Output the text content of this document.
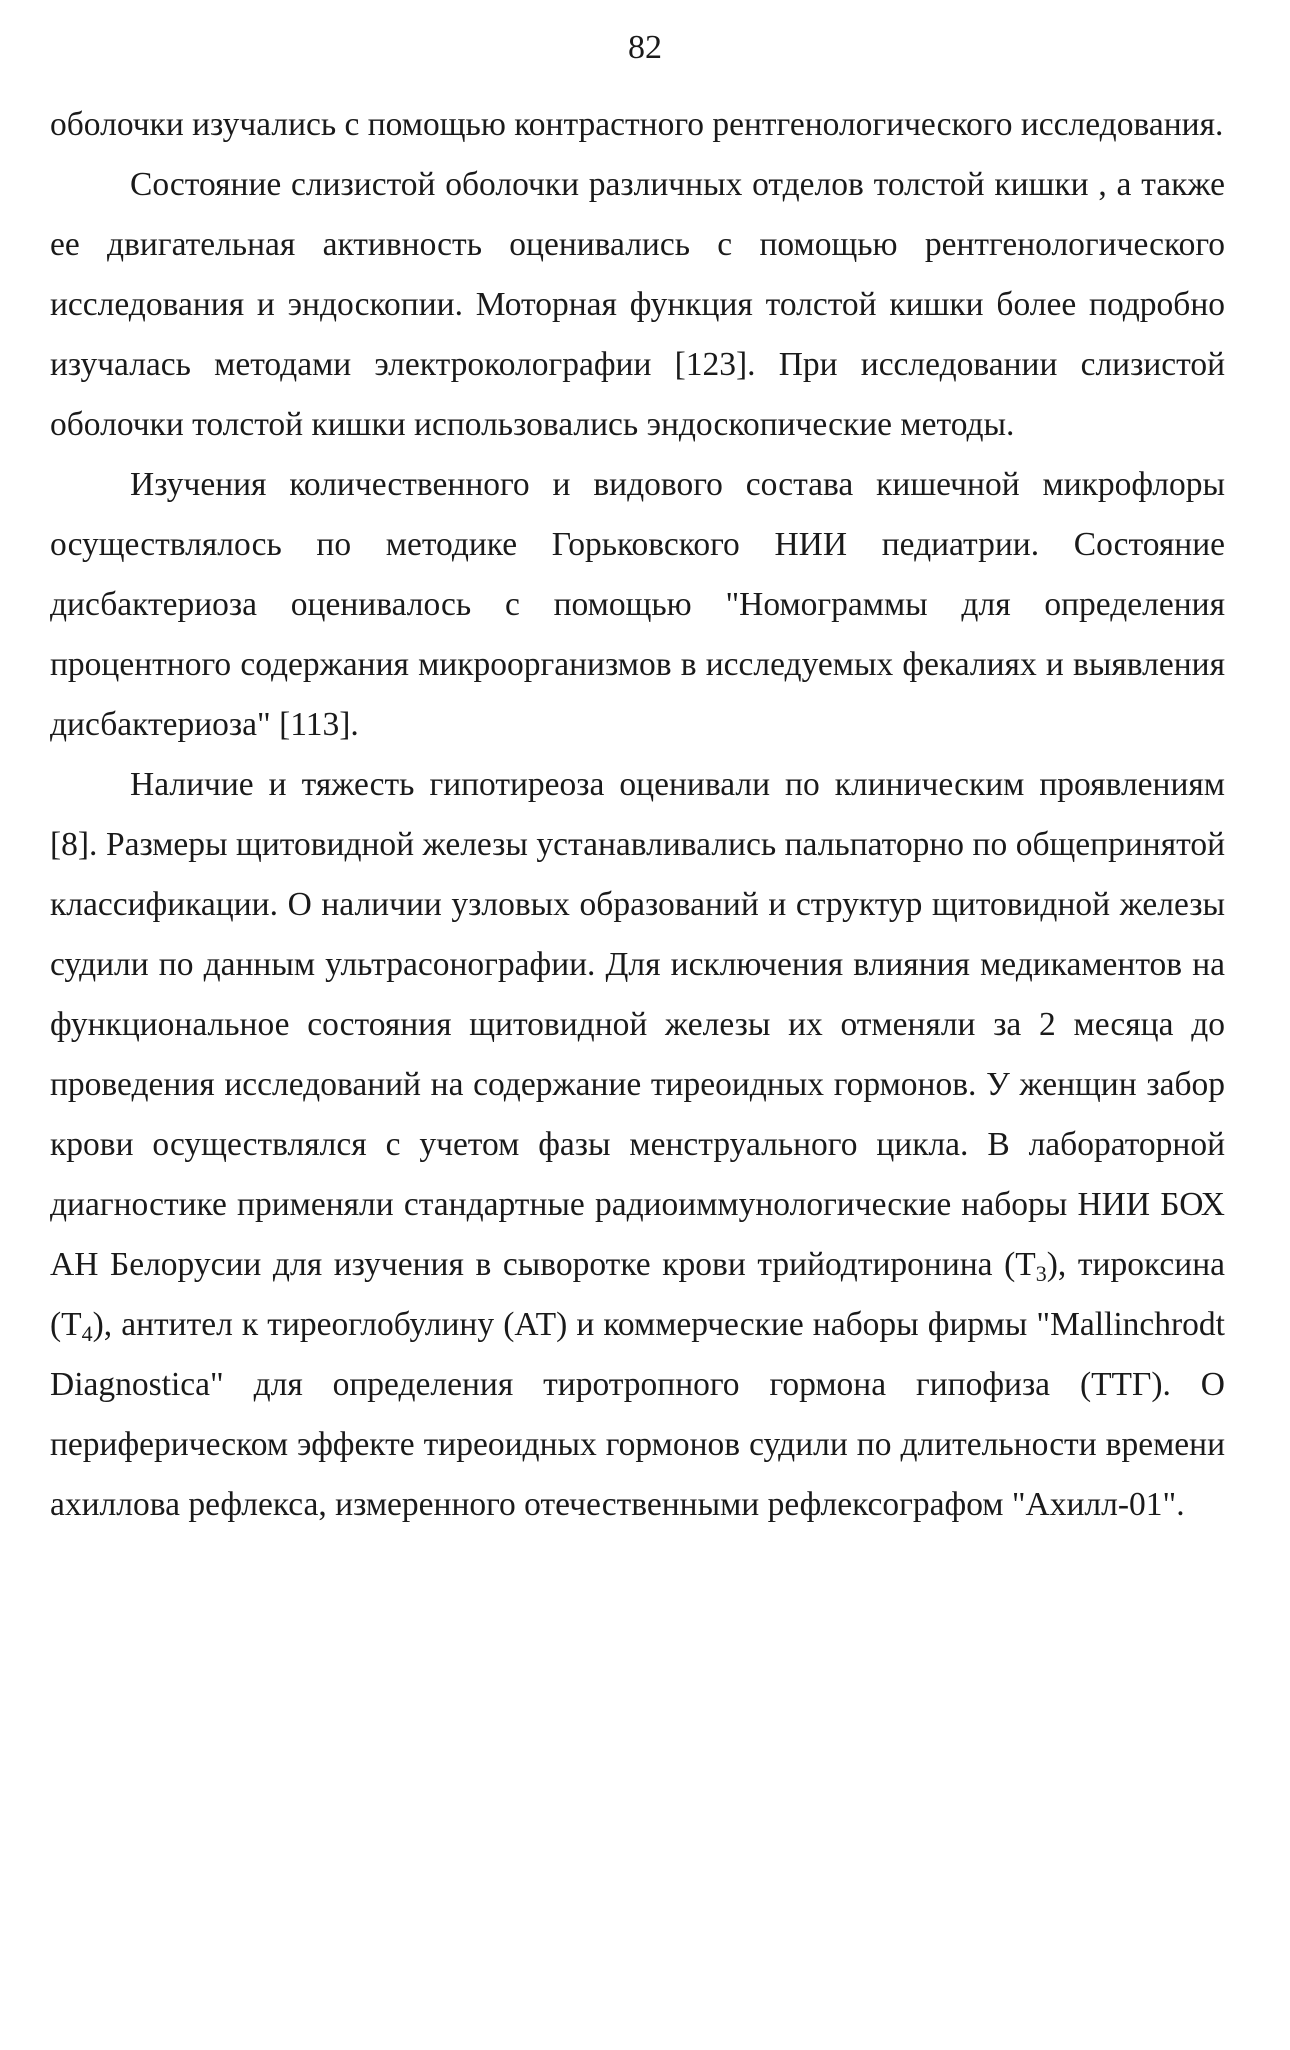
82

оболочки изучались с помощью контрастного рентгенологического исследования.

Состояние слизистой оболочки различных отделов толстой кишки , а также ее двигательная активность оценивались с помощью рентгенологического исследования и эндоскопии. Моторная функция толстой кишки более подробно изучалась методами электроколографии [123]. При исследовании слизистой оболочки толстой кишки использовались эндоскопические методы.

Изучения количественного и видового состава кишечной микрофлоры осуществлялось по методике Горьковского НИИ педиатрии. Состояние дисбактериоза оценивалось с помощью "Номограммы для определения процентного содержания микроорганизмов в исследуемых фекалиях и выявления дисбактериоза" [113].

Наличие и тяжесть гипотиреоза оценивали по клиническим проявлениям [8]. Размеры щитовидной железы устанавливались пальпаторно по общепринятой классификации. О наличии узловых образований и структур щитовидной железы судили по данным ультрасонографии. Для исключения влияния медикаментов на функциональное состояния щитовидной железы их отменяли за 2 месяца до проведения исследований на содержание тиреоидных гормонов. У женщин забор крови осуществлялся с учетом фазы менструального цикла. В лабораторной диагностике применяли стандартные радиоиммунологические наборы НИИ БОХ АН Белорусии для изучения в сыворотке крови трийодтиронина $(Т_3)$, тироксина $(Т_4)$, антител к тиреоглобулину (АТ) и коммерческие наборы фирмы "Mallinchrodt Diagnostica" для определения тиротропного гормона гипофиза (ТТГ). О периферическом эффекте тиреоидных гормонов судили по длительности времени ахиллова рефлекса, измеренного отечественными рефлексографом "Ахилл-01".
